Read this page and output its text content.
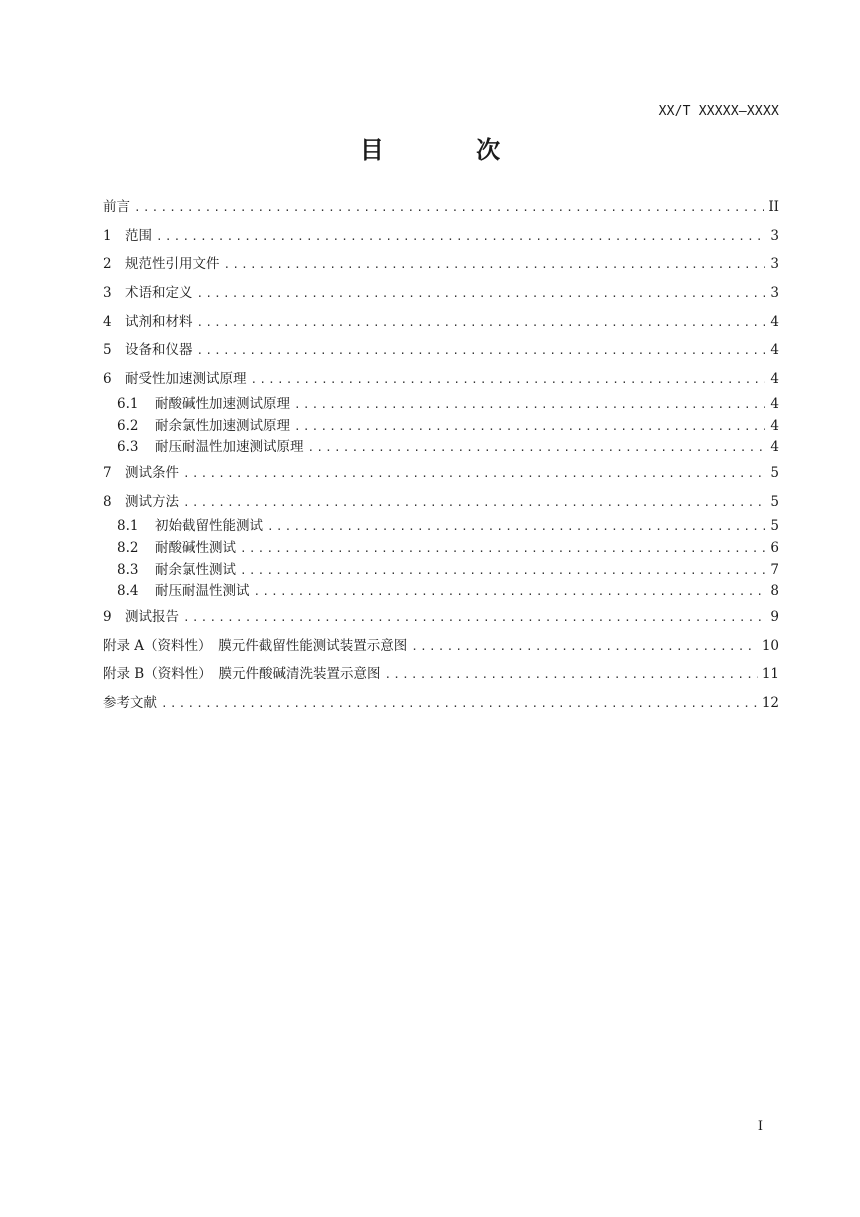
XX/T XXXXX—XXXX
目 次
前言 .....	II
1 范围 .....	3
2 规范性引用文件 .....	3
3 术语和定义 .....	3
4 试剂和材料 .....	4
5 设备和仪器 .....	4
6 耐受性加速测试原理 .....	4
6.1	耐酸碱性加速测试原理 .....	4
6.2	耐余氯性加速测试原理 .....	4
6.3	耐压耐温性加速测试原理 .....	4
7 测试条件 .....	5
8 测试方法 .....	5
8.1	初始截留性能测试 .....	5
8.2	耐酸碱性测试 .....	6
8.3	耐余氯性测试 .....	7
8.4	耐压耐温性测试 .....	8
9 测试报告 .....	9
附录 A（资料性）　膜元件截留性能测试装置示意图 .....	10
附录 B（资料性）　膜元件酸碱清洗装置示意图 .....	11
参考文献 .....	12
I
